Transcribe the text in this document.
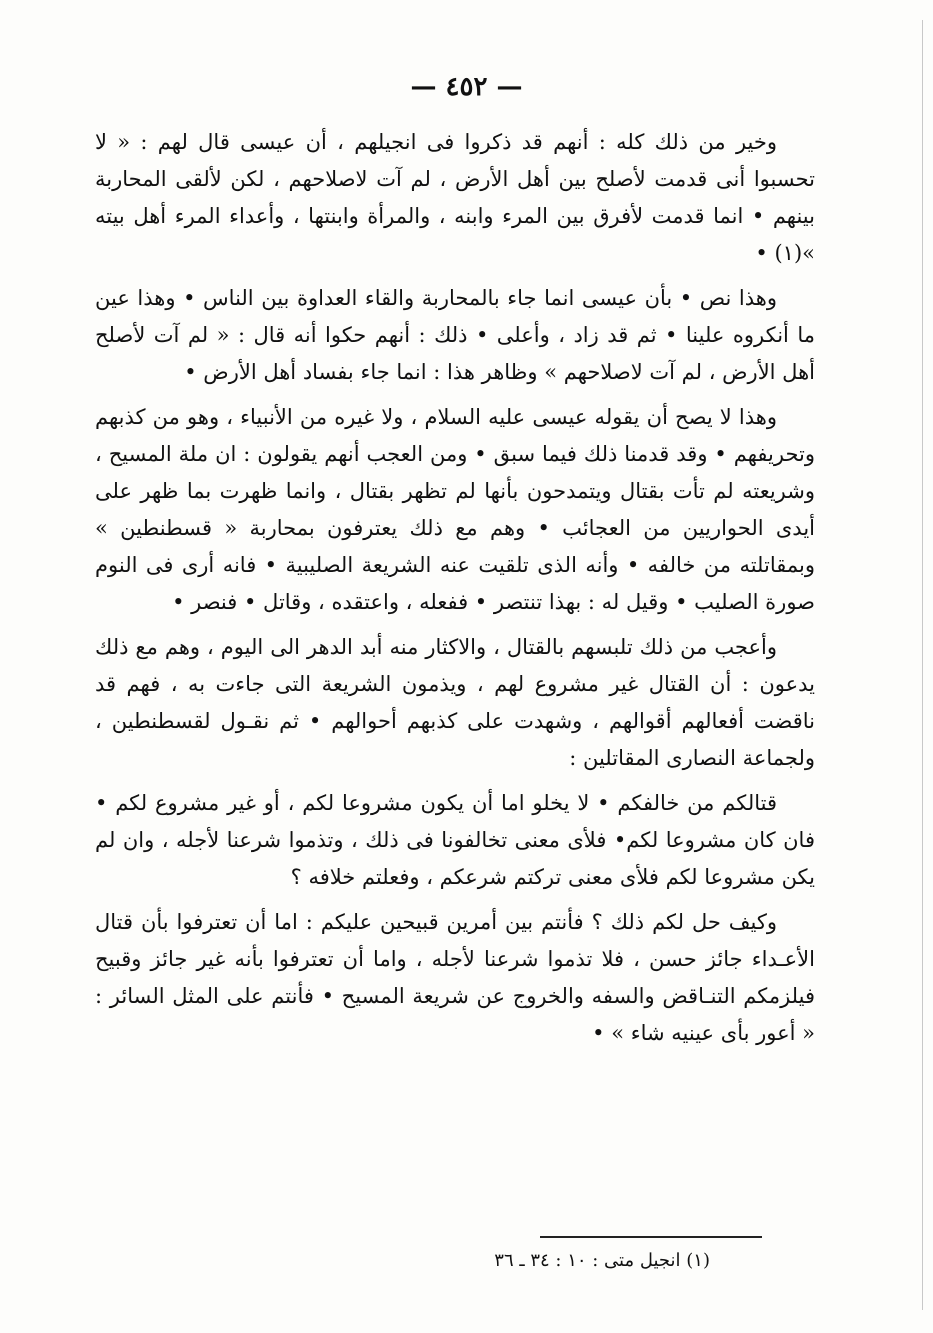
— ٤٥٢ —

وخير من ذلك كله : أنهم قد ذكروا فى انجيلهم ، أن عيسى قال لهم : « لا تحسبوا أنى قدمت لأصلح بين أهل الأرض ، لم آت لاصلاحهم ، لكن لألقى المحاربة بينهم • انما قدمت لأفرق بين المرء وابنه ، والمرأة وابنتها ، وأعداء المرء أهل بيته »(١) •

وهذا نص • بأن عيسى انما جاء بالمحاربة والقاء العداوة بين الناس • وهذا عين ما أنكروه علينا • ثم قد زاد ، وأعلى • ذلك : أنهم حكوا أنه قال : « لم آت لأصلح أهل الأرض ، لم آت لاصلاحهم » وظاهر هذا : انما جاء بفساد أهل الأرض •

وهذا لا يصح أن يقوله عيسى عليه السلام ، ولا غيره من الأنبياء ، وهو من كذبهم وتحريفهم • وقد قدمنا ذلك فيما سبق • ومن العجب أنهم يقولون : ان ملة المسيح ، وشريعته لم تأت بقتال ويتمدحون بأنها لم تظهر بقتال ، وانما ظهرت بما ظهر على أيدى الحواريين من العجائب • وهم مع ذلك يعترفون بمحاربة « قسطنطين » وبمقاتلته من خالفه • وأنه الذى تلقيت عنه الشريعة الصليبية • فانه أرى فى النوم صورة الصليب • وقيل له : بهذا تنتصر • ففعله ، واعتقده ، وقاتل • فنصر •

وأعجب من ذلك تلبسهم بالقتال ، والاكثار منه أبد الدهر الى اليوم ، وهم مع ذلك يدعون : أن القتال غير مشروع لهم ، ويذمون الشريعة التى جاءت به ، فهم قد ناقضت أفعالهم أقوالهم ، وشهدت على كذبهم أحوالهم • ثم نقـول لقسطنطين ، ولجماعة النصارى المقاتلين :

قتالكم من خالفكم • لا يخلو اما أن يكون مشروعا لكم ، أو غير مشروع لكم • فان كان مشروعا لكم• فلأى معنى تخالفونا فى ذلك ، وتذموا شرعنا لأجله ، وان لم يكن مشروعا لكم فلأى معنى تركتم شرعكم ، وفعلتم خلافه ؟

وكيف حل لكم ذلك ؟ فأنتم بين أمرين قبيحين عليكم : اما أن تعترفوا بأن قتال الأعـداء جائز حسن ، فلا تذموا شرعنا لأجله ، واما أن تعترفوا بأنه غير جائز وقبيح فيلزمكم التنـاقض والسفه والخروج عن شريعة المسيح • فأنتم على المثل السائر : « أعور بأى عينيه شاء » •

(١) انجيل متى : ١٠ : ٣٤ ـ ٣٦
